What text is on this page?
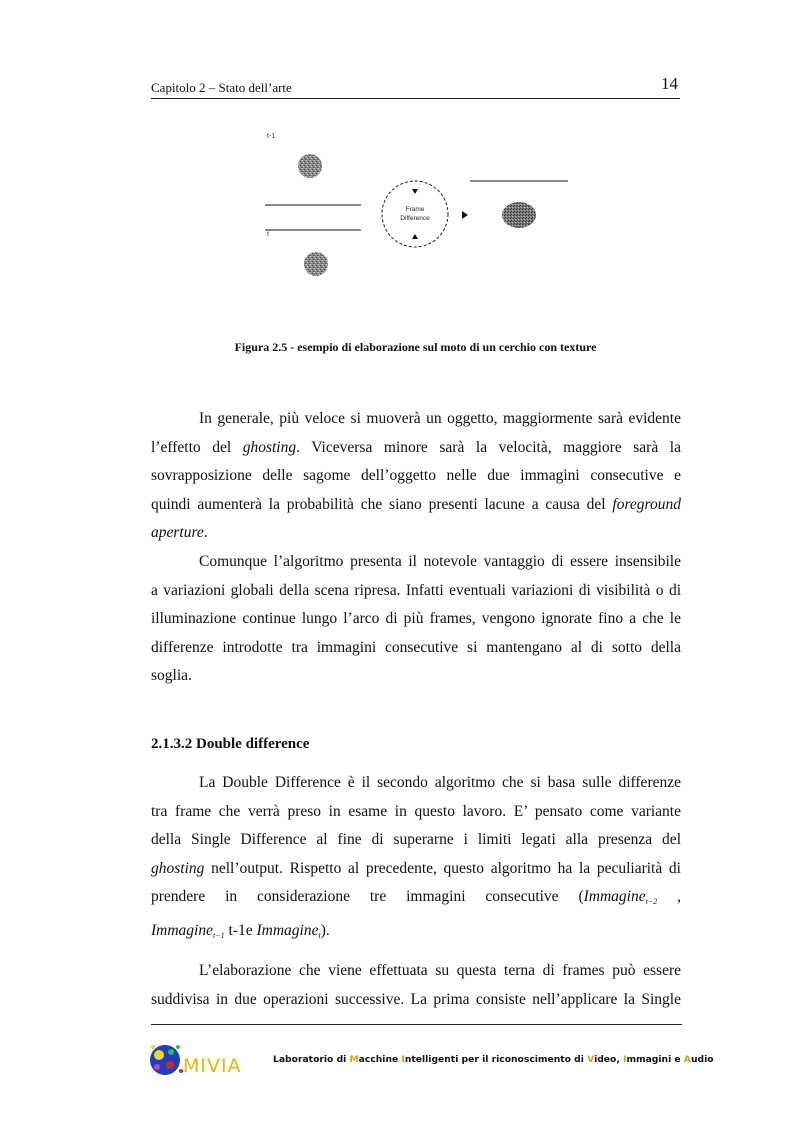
Capitolo 2 – Stato dell’arte	14
t-1
t
Frame
Difference
Figura 2.5 - esempio di elaborazione sul moto di un cerchio con texture
In generale, più veloce si muoverà un oggetto, maggiormente sarà evidente
l’effetto del ghosting. Viceversa minore sarà la velocità, maggiore sarà la
sovrapposizione delle sagome dell’oggetto nelle due immagini consecutive e
quindi aumenterà la probabilità che siano presenti lacune a causa del foreground
aperture.
Comunque l’algoritmo presenta il notevole vantaggio di essere insensibile
a variazioni globali della scena ripresa. Infatti eventuali variazioni di visibilità o di
illuminazione continue lungo l’arco di più frames, vengono ignorate fino a che le
differenze introdotte tra immagini consecutive si mantengano al di sotto della
soglia.
2.1.3.2 Double difference
La Double Difference è il secondo algoritmo che si basa sulle differenze
tra frame che verrà preso in esame in questo lavoro. E’ pensato come variante
della Single Difference al fine di superarne i limiti legati alla presenza del
ghosting nell’output. Rispetto al precedente, questo algoritmo ha la peculiarità di
prendere in considerazione tre immagini consecutive (Immagine$_{t-2}$ ,
Immagine$_{t-1}$ t-1e Immagine$_t$).
L’elaborazione che viene effettuata su questa terna di frames può essere
suddivisa in due operazioni successive. La prima consiste nell’applicare la Single
MIVIA	Laboratorio di Macchine Intelligenti per il riconoscimento di Video, Immagini e Audio
